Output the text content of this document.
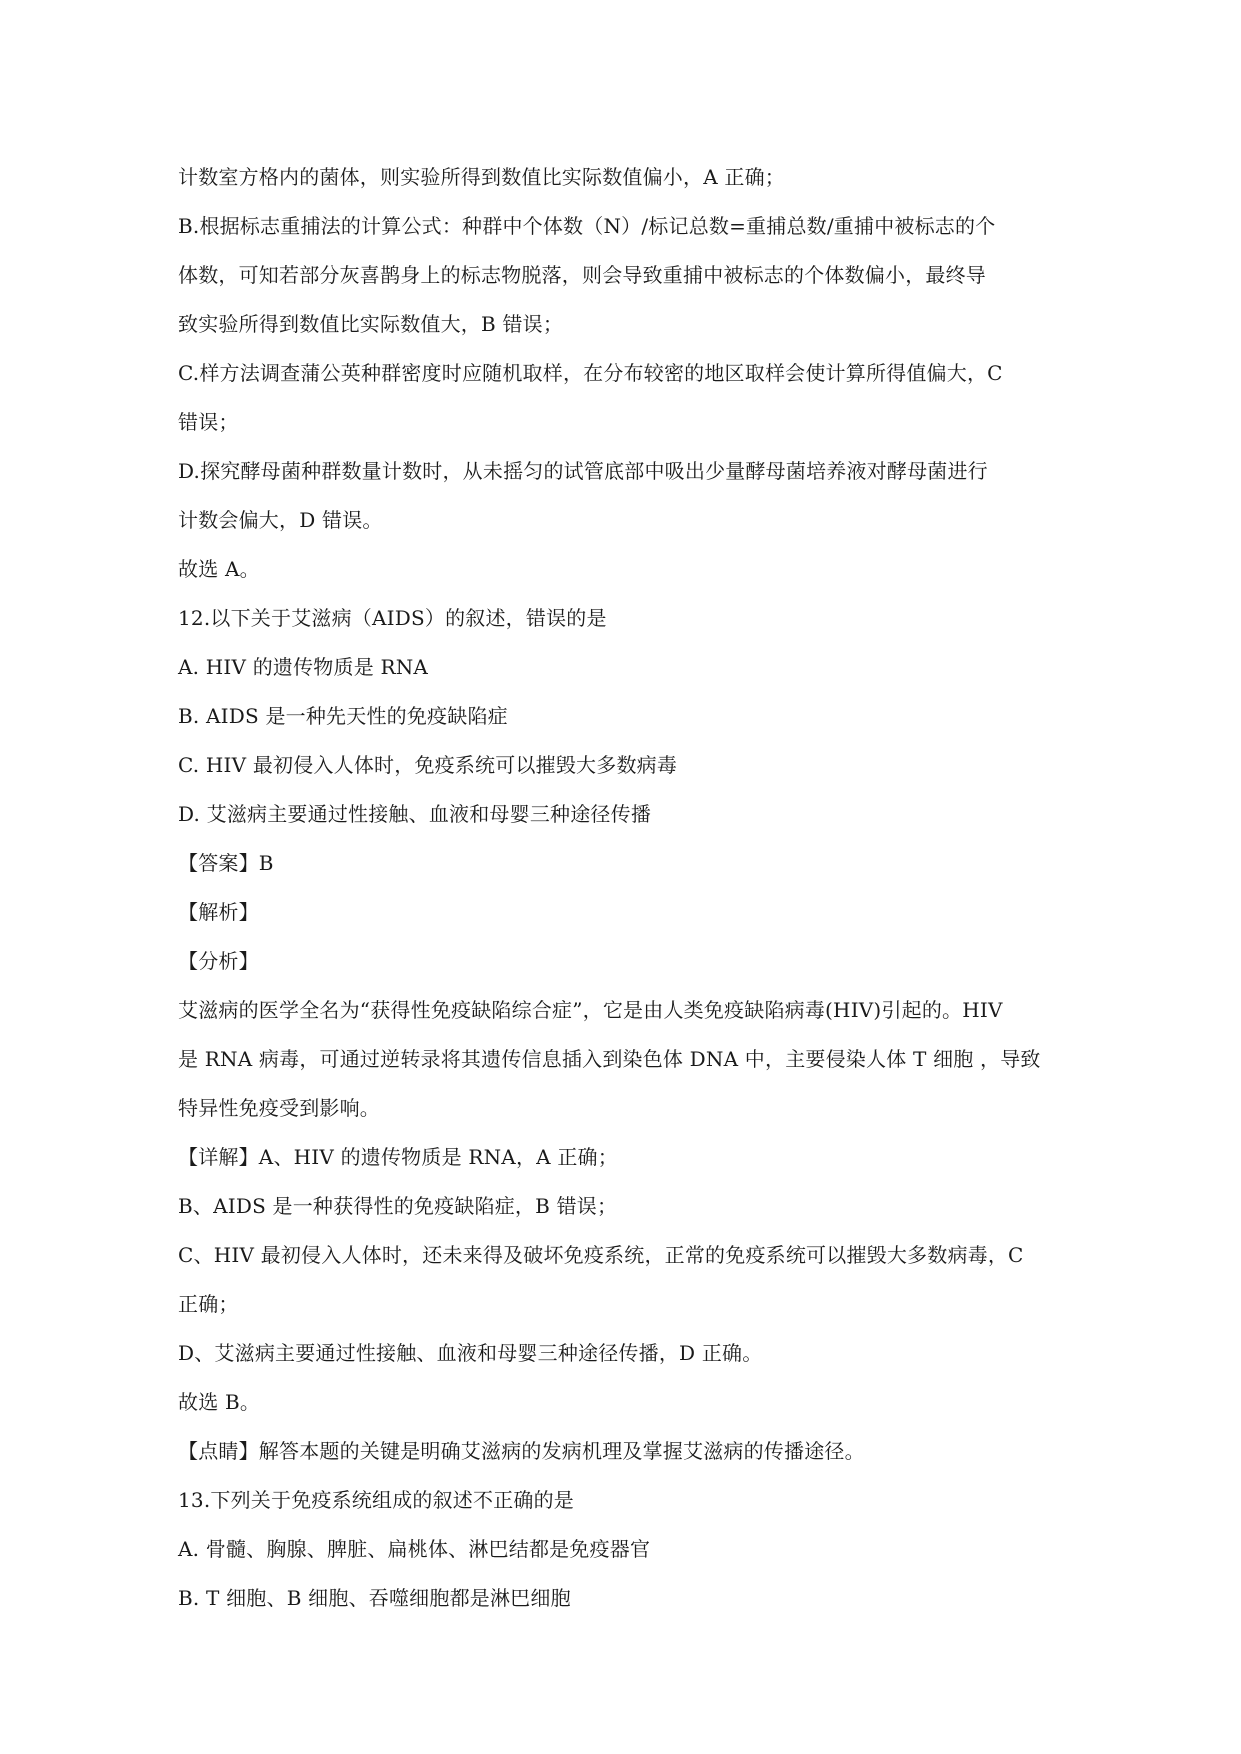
计数室方格内的菌体，则实验所得到数值比实际数值偏小，A 正确；
B.根据标志重捕法的计算公式：种群中个体数（N）/标记总数=重捕总数/重捕中被标志的个
体数，可知若部分灰喜鹊身上的标志物脱落，则会导致重捕中被标志的个体数偏小，最终导
致实验所得到数值比实际数值大，B 错误；
C.样方法调查蒲公英种群密度时应随机取样，在分布较密的地区取样会使计算所得值偏大，C
错误；
D.探究酵母菌种群数量计数时，从未摇匀的试管底部中吸出少量酵母菌培养液对酵母菌进行
计数会偏大，D 错误。
故选 A。
12.以下关于艾滋病（AIDS）的叙述，错误的是
A. HIV 的遗传物质是 RNA
B. AIDS 是一种先天性的免疫缺陷症
C. HIV 最初侵入人体时，免疫系统可以摧毁大多数病毒
D. 艾滋病主要通过性接触、血液和母婴三种途径传播
【答案】B
【解析】
【分析】
艾滋病的医学全名为“获得性免疫缺陷综合症”，它是由人类免疫缺陷病毒(HIV)引起的。HIV
是 RNA 病毒，可通过逆转录将其遗传信息插入到染色体 DNA 中，主要侵染人体 T 细胞 ，导致
特异性免疫受到影响。
【详解】A、HIV 的遗传物质是 RNA，A 正确；
B、AIDS 是一种获得性的免疫缺陷症，B 错误；
C、HIV 最初侵入人体时，还未来得及破坏免疫系统，正常的免疫系统可以摧毁大多数病毒，C
正确；
D、艾滋病主要通过性接触、血液和母婴三种途径传播，D 正确。
故选 B。
【点睛】解答本题的关键是明确艾滋病的发病机理及掌握艾滋病的传播途径。
13.下列关于免疫系统组成的叙述不正确的是
A. 骨髓、胸腺、脾脏、扁桃体、淋巴结都是免疫器官
B. T 细胞、B 细胞、吞噬细胞都是淋巴细胞
